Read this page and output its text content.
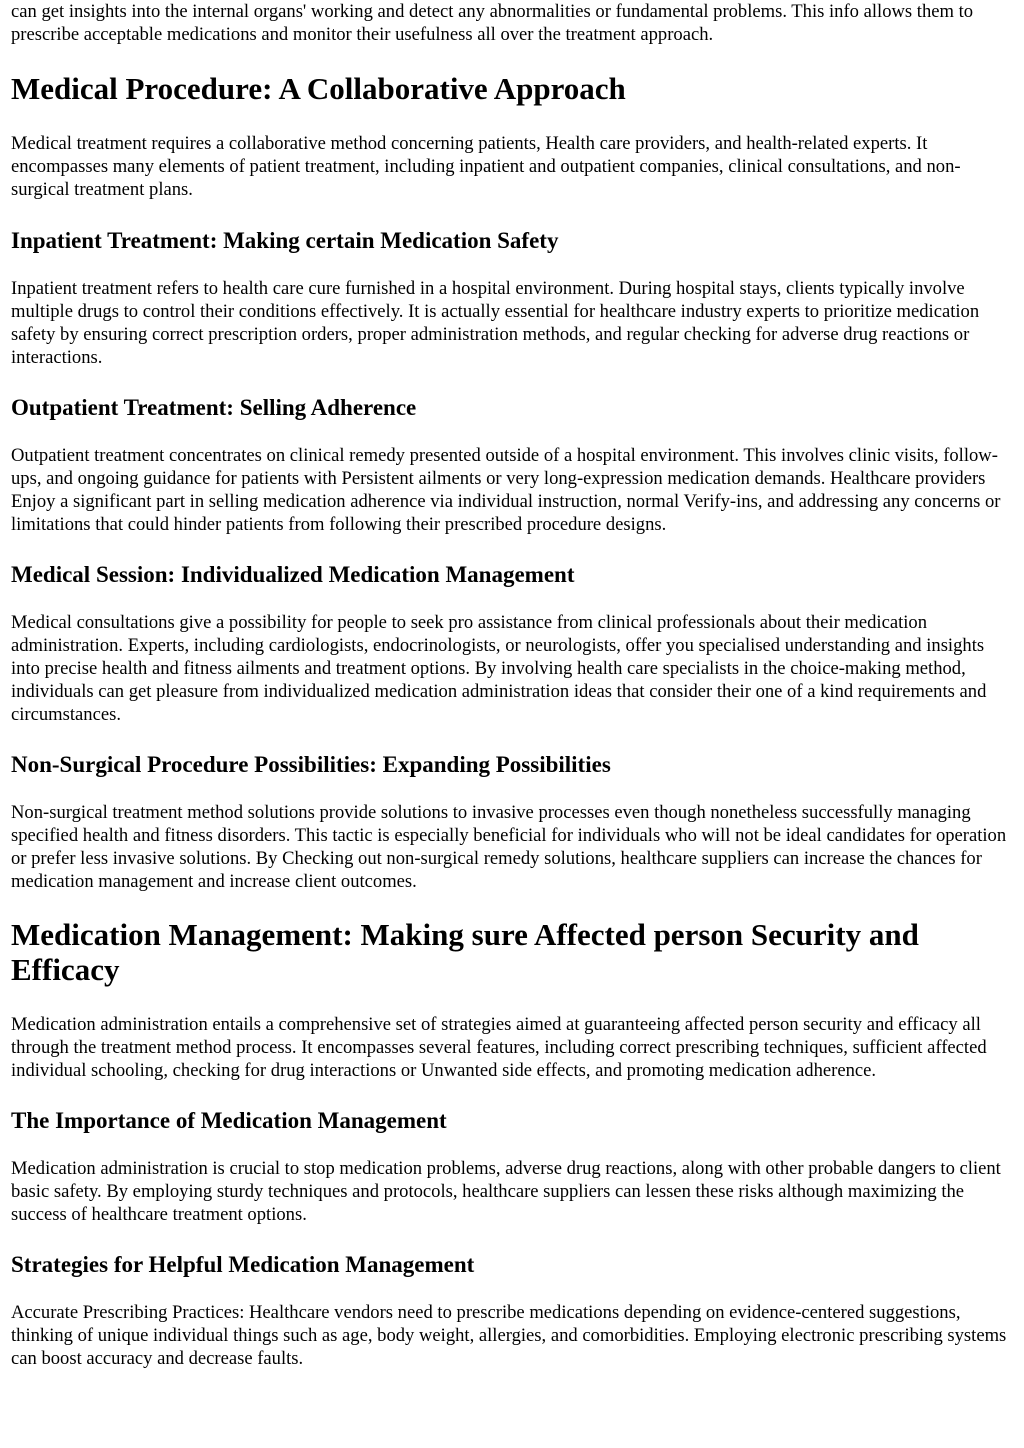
can get insights into the internal organs' working and detect any abnormalities or fundamental problems. This info allows them to prescribe acceptable medications and monitor their usefulness all over the treatment approach.

Medical Procedure: A Collaborative Approach

Medical treatment requires a collaborative method concerning patients, Health care providers, and health-related experts. It encompasses many elements of patient treatment, including inpatient and outpatient companies, clinical consultations, and non-surgical treatment plans.

Inpatient Treatment: Making certain Medication Safety

Inpatient treatment refers to health care cure furnished in a hospital environment. During hospital stays, clients typically involve multiple drugs to control their conditions effectively. It is actually essential for healthcare industry experts to prioritize medication safety by ensuring correct prescription orders, proper administration methods, and regular checking for adverse drug reactions or interactions.

Outpatient Treatment: Selling Adherence

Outpatient treatment concentrates on clinical remedy presented outside of a hospital environment. This involves clinic visits, follow-ups, and ongoing guidance for patients with Persistent ailments or very long-expression medication demands. Healthcare providers Enjoy a significant part in selling medication adherence via individual instruction, normal Verify-ins, and addressing any concerns or limitations that could hinder patients from following their prescribed procedure designs.

Medical Session: Individualized Medication Management

Medical consultations give a possibility for people to seek pro assistance from clinical professionals about their medication administration. Experts, including cardiologists, endocrinologists, or neurologists, offer you specialised understanding and insights into precise health and fitness ailments and treatment options. By involving health care specialists in the choice-making method, individuals can get pleasure from individualized medication administration ideas that consider their one of a kind requirements and circumstances.

Non-Surgical Procedure Possibilities: Expanding Possibilities

Non-surgical treatment method solutions provide solutions to invasive processes even though nonetheless successfully managing specified health and fitness disorders. This tactic is especially beneficial for individuals who will not be ideal candidates for operation or prefer less invasive solutions. By Checking out non-surgical remedy solutions, healthcare suppliers can increase the chances for medication management and increase client outcomes.

Medication Management: Making sure Affected person Security and Efficacy

Medication administration entails a comprehensive set of strategies aimed at guaranteeing affected person security and efficacy all through the treatment method process. It encompasses several features, including correct prescribing techniques, sufficient affected individual schooling, checking for drug interactions or Unwanted side effects, and promoting medication adherence.

The Importance of Medication Management

Medication administration is crucial to stop medication problems, adverse drug reactions, along with other probable dangers to client basic safety. By employing sturdy techniques and protocols, healthcare suppliers can lessen these risks although maximizing the success of healthcare treatment options.

Strategies for Helpful Medication Management

Accurate Prescribing Practices: Healthcare vendors need to prescribe medications depending on evidence-centered suggestions, thinking of unique individual things such as age, body weight, allergies, and comorbidities. Employing electronic prescribing systems can boost accuracy and decrease faults.
